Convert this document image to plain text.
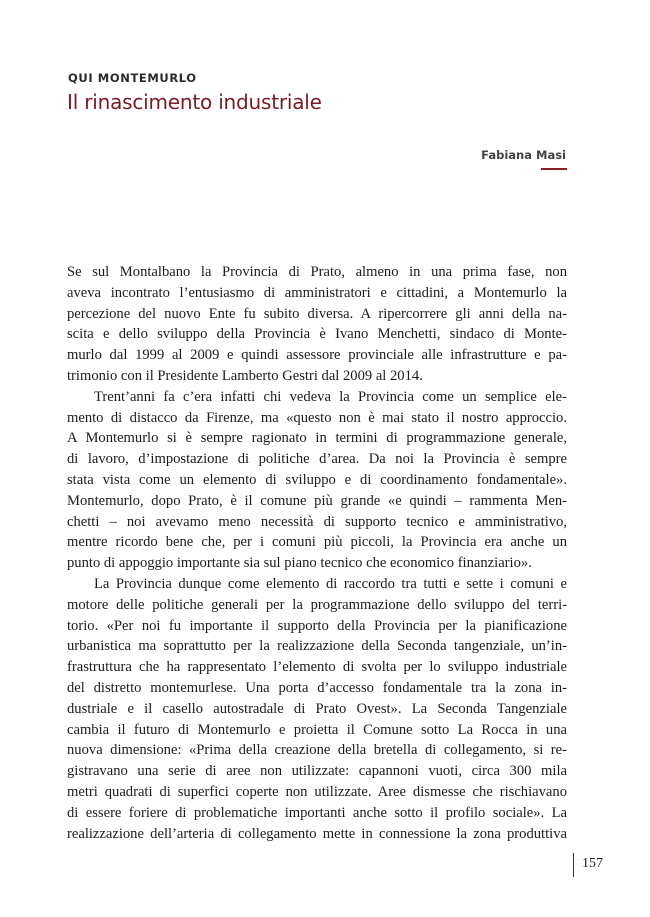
QUI MONTEMURLO
Il rinascimento industriale
Fabiana Masi
Se sul Montalbano la Provincia di Prato, almeno in una prima fase, non
aveva incontrato l’entusiasmo di amministratori e cittadini, a Montemurlo la
percezione del nuovo Ente fu subito diversa. A ripercorrere gli anni della na-
scita e dello sviluppo della Provincia è Ivano Menchetti, sindaco di Monte-
murlo dal 1999 al 2009 e quindi assessore provinciale alle infrastrutture e pa-
trimonio con il Presidente Lamberto Gestri dal 2009 al 2014.
Trent’anni fa c’era infatti chi vedeva la Provincia come un semplice ele-
mento di distacco da Firenze, ma «questo non è mai stato il nostro approccio.
A Montemurlo si è sempre ragionato in termini di programmazione generale,
di lavoro, d’impostazione di politiche d’area. Da noi la Provincia è sempre
stata vista come un elemento di sviluppo e di coordinamento fondamentale».
Montemurlo, dopo Prato, è il comune più grande «e quindi – rammenta Men-
chetti – noi avevamo meno necessità di supporto tecnico e amministrativo,
mentre ricordo bene che, per i comuni più piccoli, la Provincia era anche un
punto di appoggio importante sia sul piano tecnico che economico finanziario».
La Provincia dunque come elemento di raccordo tra tutti e sette i comuni e
motore delle politiche generali per la programmazione dello sviluppo del terri-
torio. «Per noi fu importante il supporto della Provincia per la pianificazione
urbanistica ma soprattutto per la realizzazione della Seconda tangenziale, un’in-
frastruttura che ha rappresentato l’elemento di svolta per lo sviluppo industriale
del distretto montemurlese. Una porta d’accesso fondamentale tra la zona in-
dustriale e il casello autostradale di Prato Ovest». La Seconda Tangenziale
cambia il futuro di Montemurlo e proietta il Comune sotto La Rocca in una
nuova dimensione: «Prima della creazione della bretella di collegamento, si re-
gistravano una serie di aree non utilizzate: capannoni vuoti, circa 300 mila
metri quadrati di superfici coperte non utilizzate. Aree dismesse che rischiavano
di essere foriere di problematiche importanti anche sotto il profilo sociale». La
realizzazione dell’arteria di collegamento mette in connessione la zona produttiva
157
